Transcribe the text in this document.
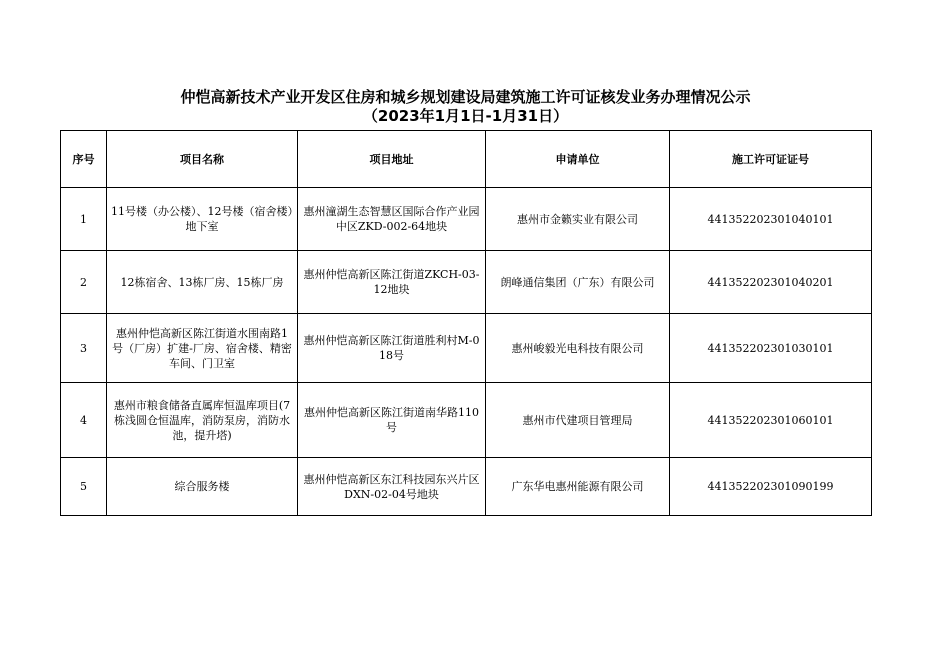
仲恺高新技术产业开发区住房和城乡规划建设局建筑施工许可证核发业务办理情况公示
（2023年1月1日-1月31日）
序号	项目名称	项目地址	申请单位	施工许可证证号
1	11号楼（办公楼）、12号楼（宿舍楼）地下室	惠州潼湖生态智慧区国际合作产业园中区ZKD-002-64地块	惠州市金籁实业有限公司	441352202301040101
2	12栋宿舍、13栋厂房、15栋厂房	惠州仲恺高新区陈江街道ZKCH-03-12地块	朗峰通信集团（广东）有限公司	441352202301040201
3	惠州仲恺高新区陈江街道水围南路1号（厂房）扩建-厂房、宿舍楼、精密车间、门卫室	惠州仲恺高新区陈江街道胜利村M-018号	惠州峻毅光电科技有限公司	441352202301030101
4	惠州市粮食储备直属库恒温库项目(7栋浅圆仓恒温库，消防泵房，消防水池，提升塔)	惠州仲恺高新区陈江街道南华路110号	惠州市代建项目管理局	441352202301060101
5	综合服务楼	惠州仲恺高新区东江科技园东兴片区DXN-02-04号地块	广东华电惠州能源有限公司	441352202301090199
